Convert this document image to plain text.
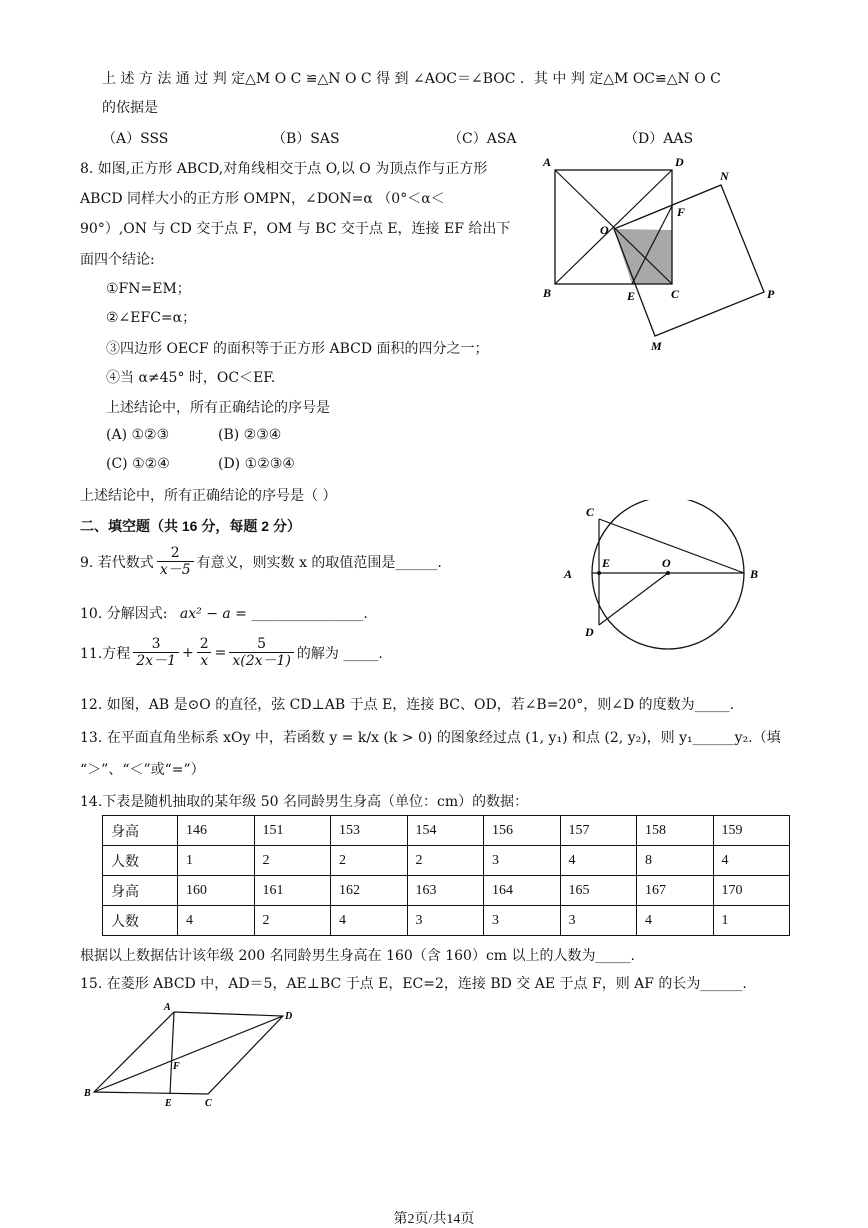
上 述 方 法 通 过 判 定△M O C ≌△N O C 得 到 ∠AOC＝∠BOC ．其 中 判 定△M OC≌△N O C
的依据是
（A）SSS	（B）SAS	（C）ASA	（D）AAS
8. 如图,正方形 ABCD,对角线相交于点 O,以 O 为顶点作与正方形
ABCD 同样大小的正方形 OMPN，∠DON=α （0°＜α＜
90°）,ON 与 CD 交于点 F，OM 与 BC 交于点 E，连接 EF 给出下
面四个结论:
①FN=EM；
②∠EFC=α；
③四边形 OECF 的面积等于正方形 ABCD 面积的四分之一；
④当 α≠45° 时，OC＜EF.
上述结论中，所有正确结论的序号是
(A) ①②③	(B) ②③④
(C) ①②④	(D) ①②③④
上述结论中，所有正确结论的序号是（ ）
A	D
N
F
O
B	E	C	P
M
二、填空题（共 16 分，每题 2 分）
9. 若代数式 $\frac{2}{x-5}$ 有意义，则实数 x 的取值范围是______.
10. 分解因式: ax² − a = ________________.
11.方程 $\frac{3}{2x-1} + \frac{2}{x} = \frac{5}{x(2x-1)}$ 的解为 _____.
C
E
A
O
B
D
12. 如图，AB 是⊙O 的直径，弦 CD⊥AB 于点 E，连接 BC、OD，若∠B=20°，则∠D 的度数为_____.
13. 在平面直角坐标系 xOy 中，若函数 y = k/x (k > 0) 的图象经过点 (1, y₁) 和点 (2, y₂)，则 y₁______y₂.（填
“＞”、“＜”或“=”）
14.下表是随机抽取的某年级 50 名同龄男生身高（单位：cm）的数据：
身高	146	151	153	154	156	157	158	159
人数	1	2	2	2	3	4	8	4
身高	160	161	162	163	164	165	167	170
人数	4	2	4	3	3	3	4	1
根据以上数据估计该年级 200 名同龄男生身高在 160（含 160）cm 以上的人数为_____.
15. 在菱形 ABCD 中，AD＝5，AE⊥BC 于点 E，EC=2，连接 BD 交 AE 于点 F，则 AF 的长为______.
A
D
F
B
E	C
第2页/共14页
